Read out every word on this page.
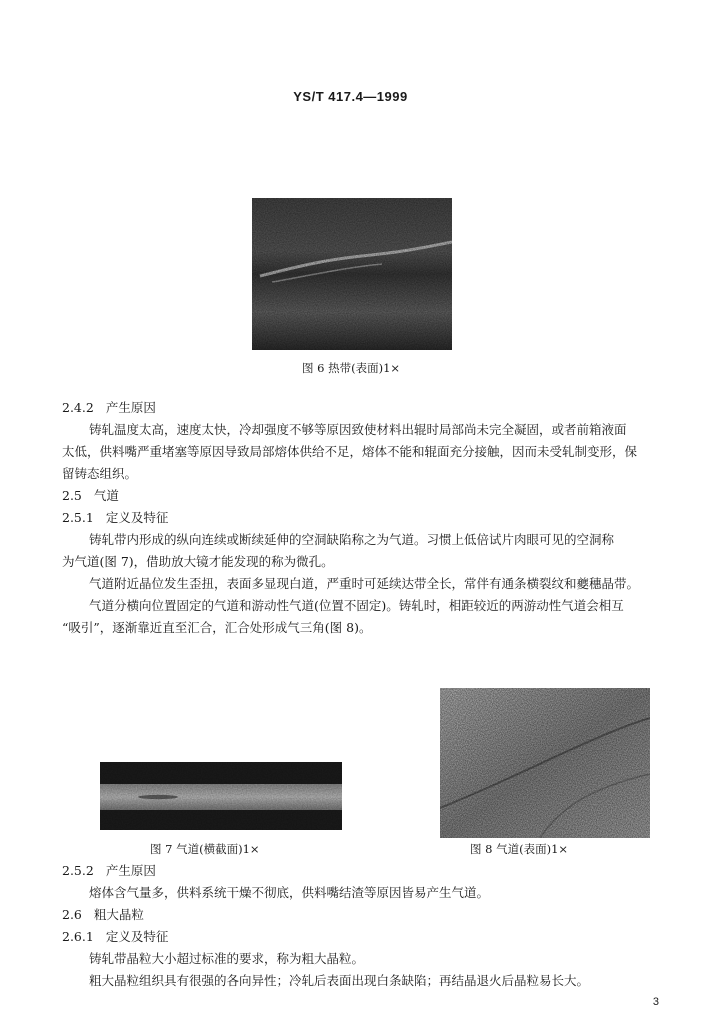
YS/T 417.4—1999
图 6 热带(表面)1×
2.4.2 产生原因
铸轧温度太高，速度太快，冷却强度不够等原因致使材料出辊时局部尚未完全凝固，或者前箱液面
太低，供料嘴严重堵塞等原因导致局部熔体供给不足，熔体不能和辊面充分接触，因而未受轧制变形，保
留铸态组织。
2.5 气道
2.5.1 定义及特征
铸轧带内形成的纵向连续或断续延伸的空洞缺陷称之为气道。习惯上低倍试片肉眼可见的空洞称
为气道(图 7)，借助放大镜才能发现的称为微孔。
气道附近晶位发生歪扭，表面多显现白道，严重时可延续达带全长，常伴有通条横裂纹和夔穗晶带。
气道分横向位置固定的气道和游动性气道(位置不固定)。铸轧时，相距较近的两游动性气道会相互
“吸引”，逐渐靠近直至汇合，汇合处形成气三角(图 8)。
图 7 气道(横截面)1×	图 8 气道(表面)1×
2.5.2 产生原因
熔体含气量多，供料系统干燥不彻底，供料嘴结渣等原因皆易产生气道。
2.6 粗大晶粒
2.6.1 定义及特征
铸轧带晶粒大小超过标准的要求，称为粗大晶粒。
粗大晶粒组织具有很强的各向异性；冷轧后表面出现白条缺陷；再结晶退火后晶粒易长大。
3
